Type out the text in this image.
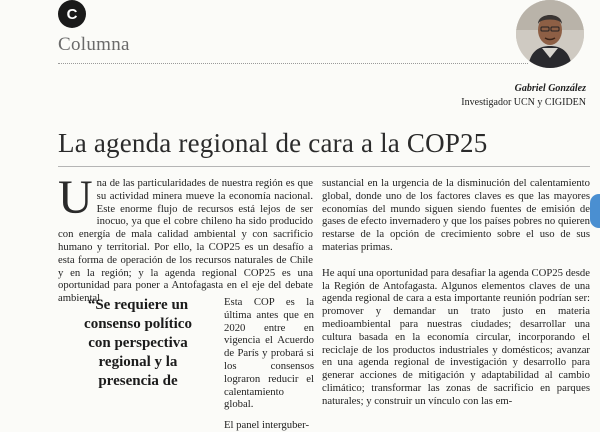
C
Columna
Gabriel González
Investigador UCN y CIGIDEN
La agenda regional de cara a la COP25

Una de las particularidades de nuestra región es que su actividad minera mueve la economía nacional. Este enorme flujo de recursos está lejos de ser inocuo, ya que el cobre chileno ha sido producido con energía de mala calidad ambiental y con sacrificio humano y territorial. Por ello, la COP25 es un desafío a esta forma de operación de los recursos naturales de Chile y en la región; y la agenda regional COP25 es una oportunidad para poner a Antofagasta en el eje del debate ambiental.

“Se requiere un consenso político con perspectiva regional y la presencia de

Esta COP es la última antes que en 2020 entre en vigencia el Acuerdo de París y probará si los consensos lograron reducir el calentamiento global.

El panel interguber-

sustancial en la urgencia de la disminución del calentamiento global, donde uno de los factores claves es que las mayores economías del mundo siguen siendo fuentes de emisión de gases de efecto invernadero y que los países pobres no quieren restarse de la opción de crecimiento sobre el uso de sus materias primas.

He aquí una oportunidad para desafiar la agenda COP25 desde la Región de Antofagasta. Algunos elementos claves de una agenda regional de cara a esta importante reunión podrían ser: promover y demandar un trato justo en materia medioambiental para nuestras ciudades; desarrollar una cultura basada en la economía circular, incorporando el reciclaje de los productos industriales y domésticos; avanzar en una agenda regional de investigación y desarrollo para generar acciones de mitigación y adaptabilidad al cambio climático; transformar las zonas de sacrificio en parques naturales; y construir un vínculo con las em-
